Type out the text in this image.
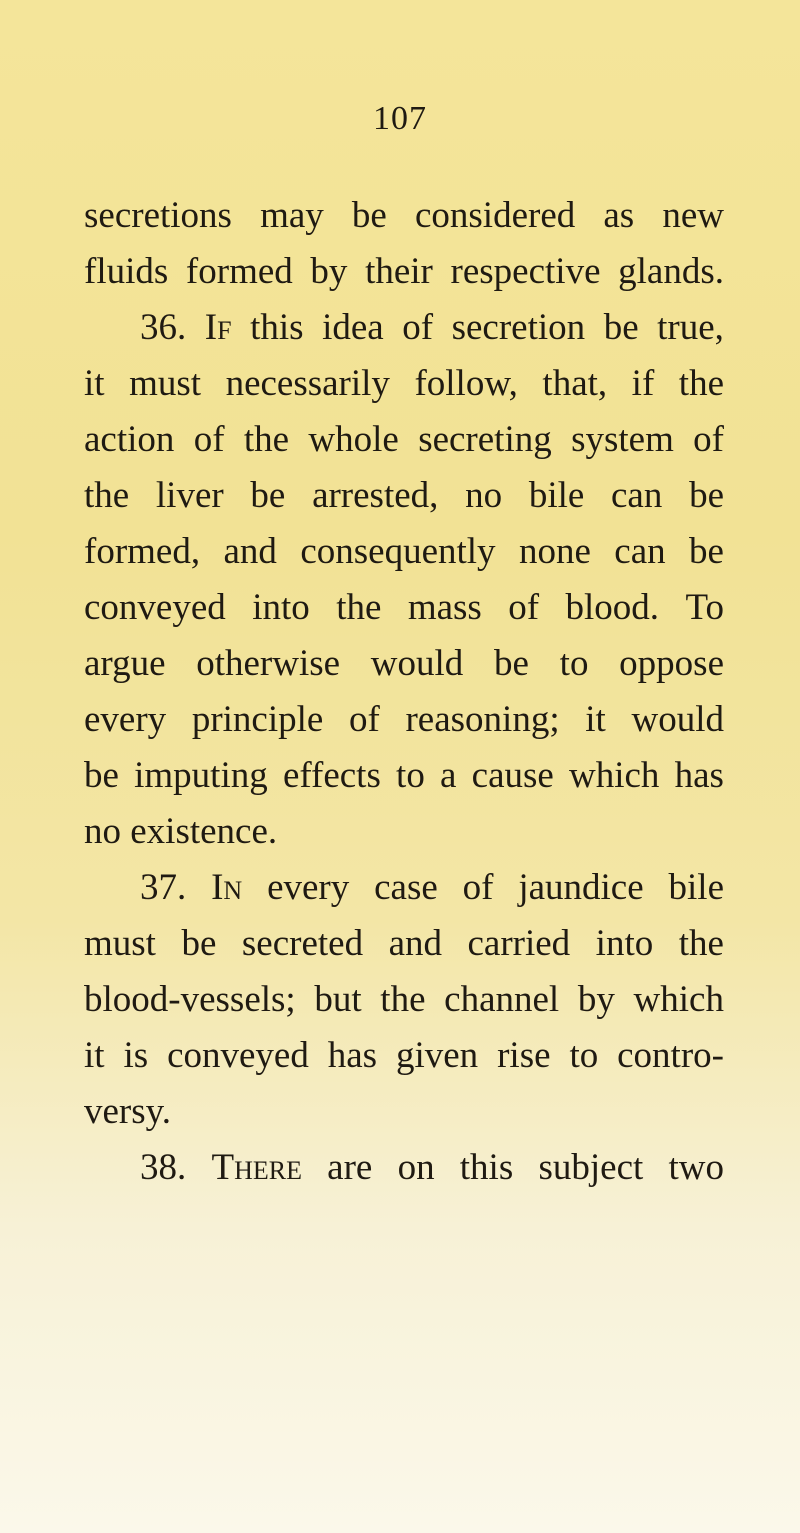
107
secretions may be considered as new
fluids formed by their respective glands.
36. If this idea of secretion be true,
it must necessarily follow, that, if the
action of the whole secreting system of
the liver be arrested, no bile can be
formed, and consequently none can be
conveyed into the mass of blood. To
argue otherwise would be to oppose
every principle of reasoning; it would
be imputing effects to a cause which has
no
existence.
37. In every case of jaundice bile
must be secreted and carried into the
blood-vessels; but the channel by which
it is conveyed has given rise to contro-
versy.
38. There are on this subject two
